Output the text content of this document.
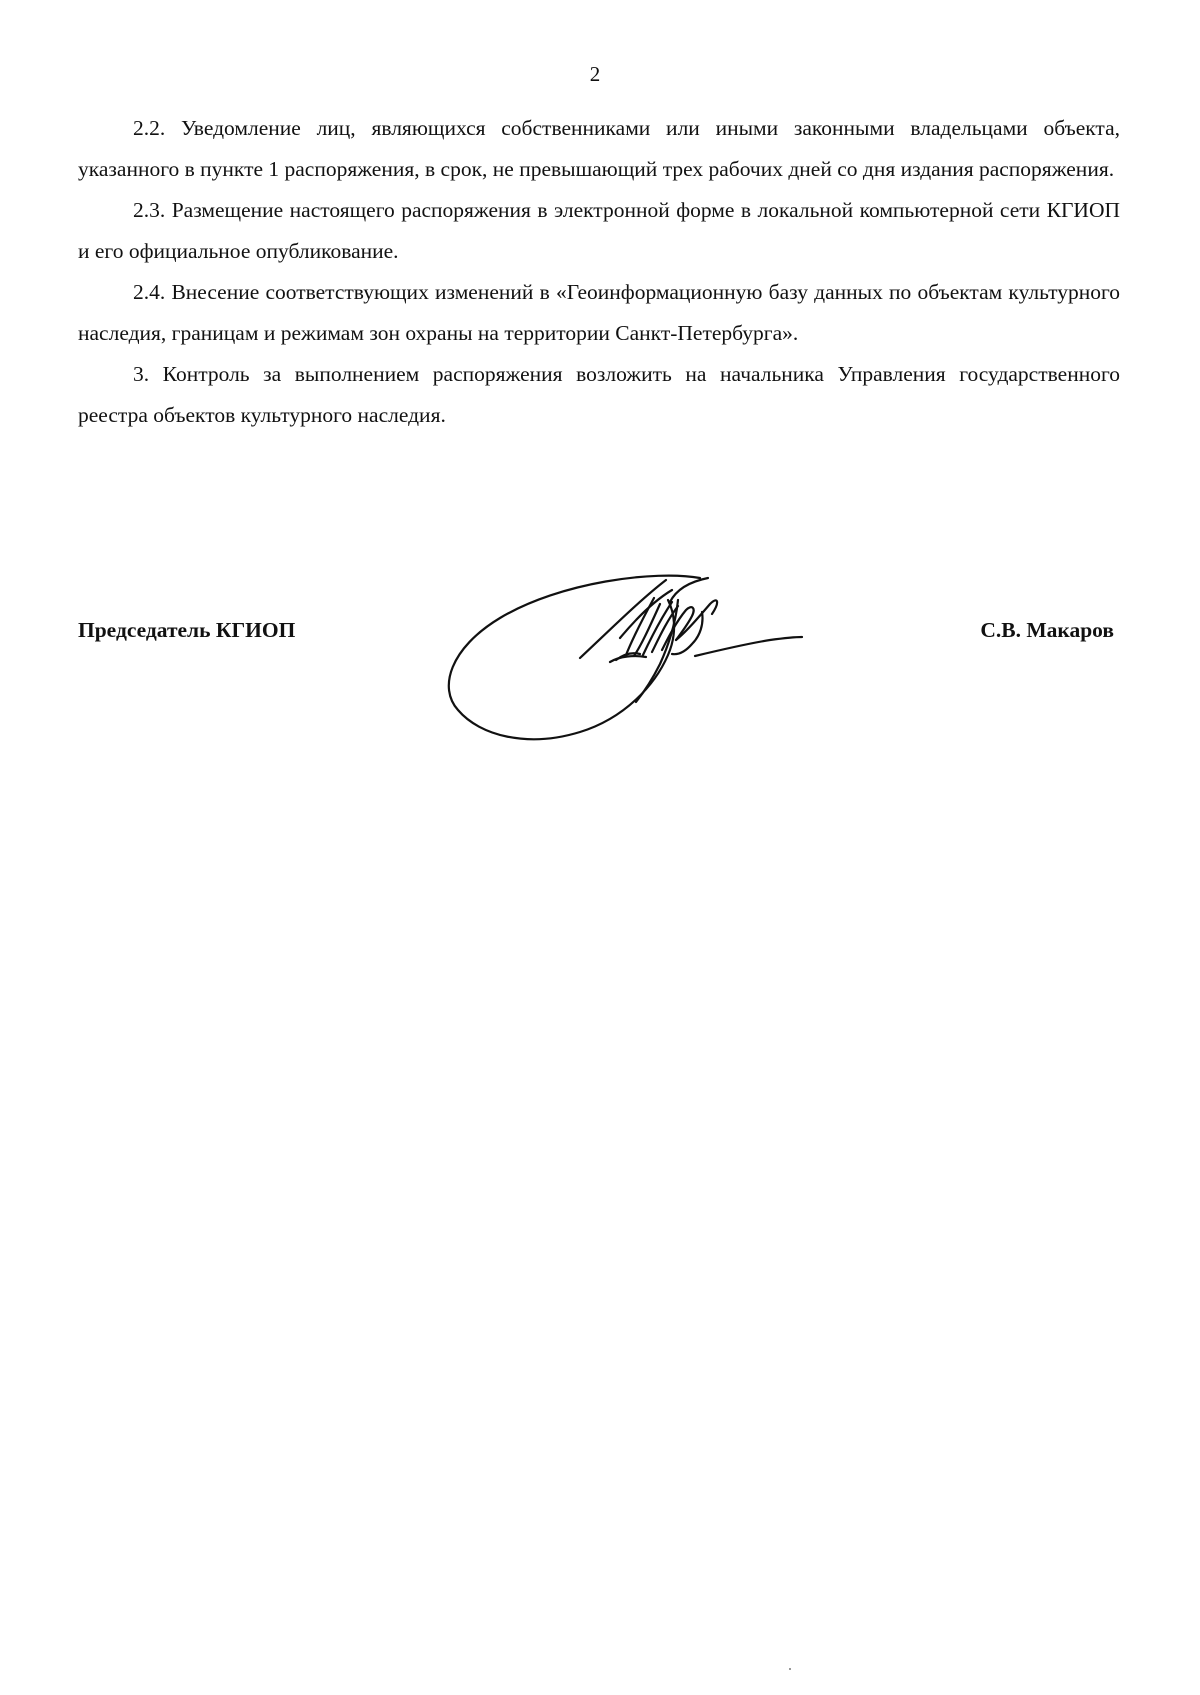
2

2.2. Уведомление лиц, являющихся собственниками или иными законными владельцами объекта, указанного в пункте 1 распоряжения, в срок, не превышающий трех рабочих дней со дня издания распоряжения.

2.3. Размещение настоящего распоряжения в электронной форме в локальной компьютерной сети КГИОП и его официальное опубликование.

2.4. Внесение соответствующих изменений в «Геоинформационную базу данных по объектам культурного наследия, границам и режимам зон охраны на территории Санкт-Петербурга».

3. Контроль за выполнением распоряжения возложить на начальника Управления государственного реестра объектов культурного наследия.

Председатель КГИОП	С.В. Макаров
